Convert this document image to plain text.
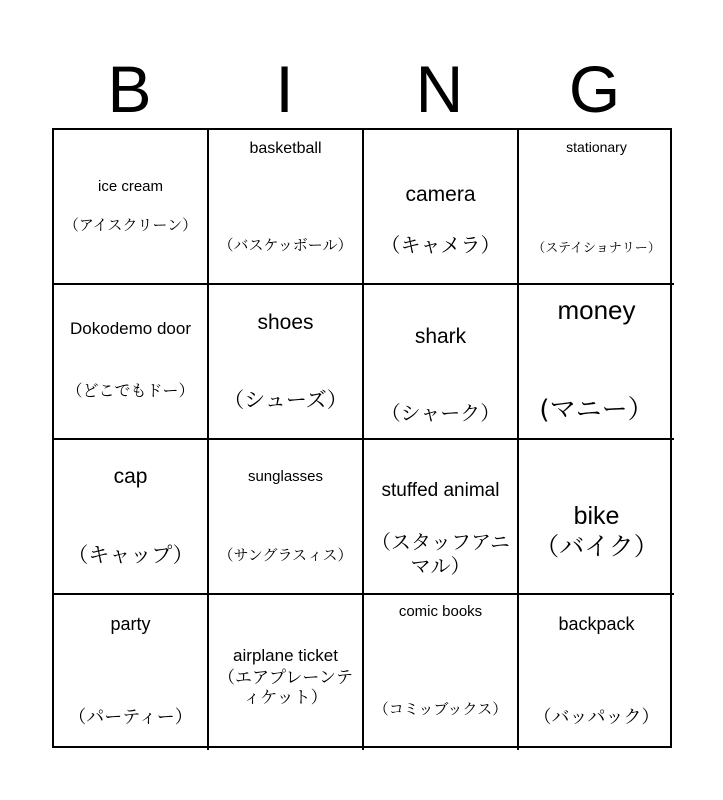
B	I	N	G
ice cream
（アイスクリーン）
basketball
（バスケッボール）
camera
（キャメラ）
stationary
（ステイショナリー）
Dokodemo door
（どこでもドー）
shoes
（シューズ）
shark
（シャーク）
money
(マニー）
cap
（キャップ）
sunglasses
（サングラスィス）
stuffed animal
（スタッフアニマル）
bike
（バイク）
party
（パーティー）
airplane ticket
（エアプレーンティケット）
comic books
（コミッブックス）
backpack
（バッパック）
